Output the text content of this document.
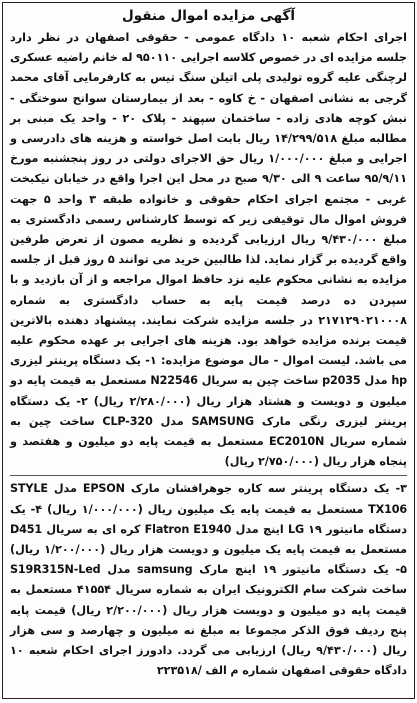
آگهی مزایده اموال منقول

اجرای احکام شعبه ۱۰ دادگاه عمومی - حقوقی اصفهان در نظر دارد جلسه مزایده ای در خصوص کلاسه اجرایی ۹۵۰۱۱۰ له خانم راضیه عسکری لرچنگی علیه گروه تولیدی پلی اتیلن سنگ تیس به کارفرمایی آقای محمد گرجی به نشانی اصفهان - خ کاوه - بعد از بیمارستان سوانح سوختگی - نبش کوچه هادی زاده - ساختمان سپهند - پلاک ۲۰ - واحد یک مبنی بر مطالبه مبلغ ۱۴/۲۹۹/۵۱۸ ریال بابت اصل خواسته و هزینه های دادرسی و اجرایی و مبلغ ۱/۰۰۰/۰۰۰ ریال حق الاجرای دولتی در روز پنجشنبه مورخ ۹۵/۹/۱۱ ساعت ۹ الی ۹/۳۰ صبح در محل این اجرا واقع در خیابان نیکبخت غربی - مجتمع اجرای احکام حقوقی و خانواده طبقه ۳ واحد ۵ جهت فروش اموال مال توقیفی زیر که توسط کارشناس رسمی دادگستری به مبلغ ۹/۴۳۰/۰۰۰ ریال ارزیابی گردیده و نظریه مصون از تعرض طرفین واقع گردیده بر گزار نماید. لذا طالبین خرید می توانند ۵ روز قبل از جلسه مزایده به نشانی محکوم علیه نزد حافظ اموال مراجعه و از آن بازدید و با سپردن ده درصد قیمت پایه به حساب دادگستری به شماره ۲۱۷۱۲۹۰۲۱۰۰۰۸ در جلسه مزایده شرکت نمایند. پیشنهاد دهنده بالاترین قیمت برنده مزایده خواهد بود. هزینه های اجرایی بر عهده محکوم علیه می باشد. لیست اموال - مال موضوع مزایده: ۱- یک دستگاه پرینتر لیزری hp مدل p2035 ساخت چین به سریال N22546 مستعمل به قیمت پایه دو میلیون و دویست و هشتاد هزار ریال (۲/۲۸۰/۰۰۰ ریال) ۲- یک دستگاه پرینتر لیزری رنگی مارک SAMSUNG مدل CLP-320 ساخت چین به شماره سریال EC2010N مستعمل به قیمت پایه دو میلیون و هفتصد و پنجاه هزار ریال (۲/۷۵۰/۰۰۰ ریال)

۳- یک دستگاه پرینتر سه کاره جوهرافشان مارک EPSON مدل STYLE TX106 مستعمل به قیمت پایه یک میلیون ریال (۱/۰۰۰/۰۰۰ ریال) ۴- یک دستگاه مانیتور LG ۱۹ اینچ مدل Flatron E1940 کره ای به سریال D451 مستعمل به قیمت پایه یک میلیون و دویست هزار ریال (۱/۲۰۰/۰۰۰ ریال) ۵- یک دستگاه مانیتور ۱۹ اینچ مارک samsung مدل S19R315N-Led ساخت شرکت سام الکترونیک ایران به شماره سریال ۴۱۵۵۴ مستعمل به قیمت پایه دو میلیون و دویست هزار ریال (۲/۲۰۰/۰۰۰ ریال) قیمت پایه پنج ردیف فوق الذکر مجموعا به مبلغ نه میلیون و چهارصد و سی هزار ریال (۹/۴۳۰/۰۰۰ ریال) ارزیابی می گردد. دادورز اجرای احکام شعبه ۱۰ دادگاه حقوقی اصفهان شماره م الف /۲۲۳۵۱۸
